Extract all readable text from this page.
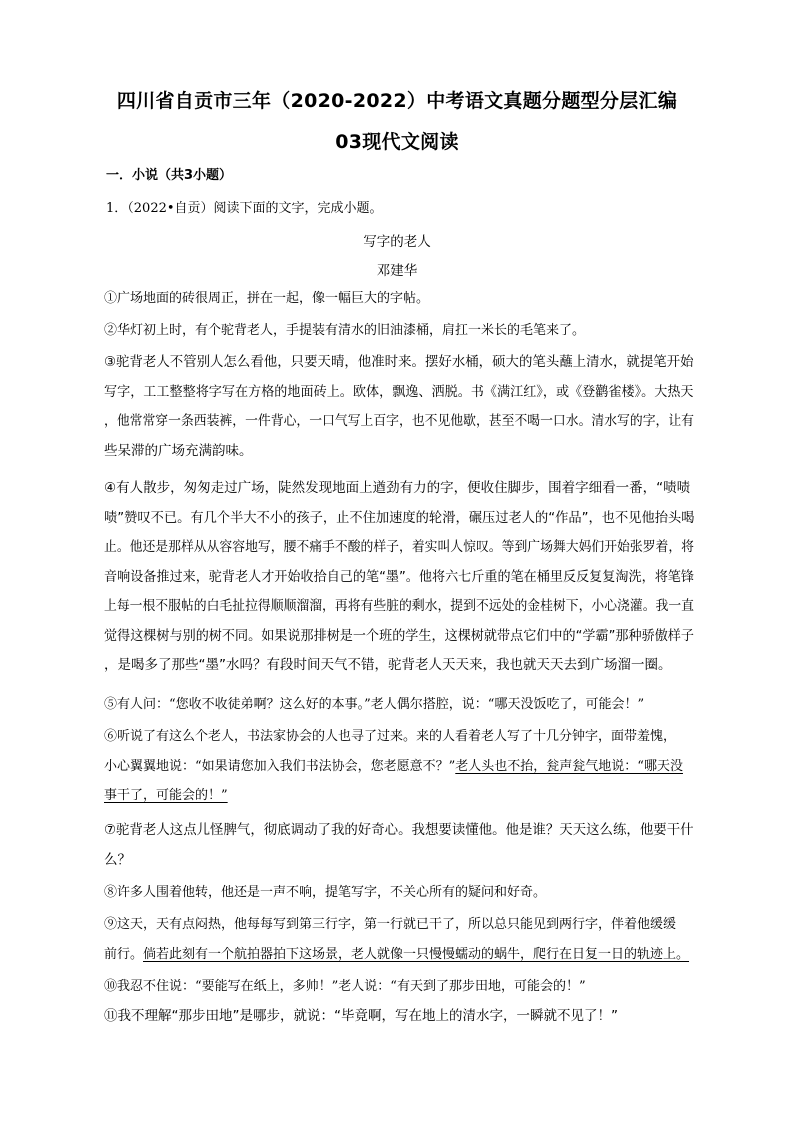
四川省自贡市三年（2020-2022）中考语文真题分题型分层汇编
03现代文阅读
一．小说（共3小题）
1．（2022•自贡）阅读下面的文字，完成小题。
写字的老人
邓建华
①广场地面的砖很周正，拼在一起，像一幅巨大的字帖。
②华灯初上时，有个驼背老人，手提装有清水的旧油漆桶，肩扛一米长的毛笔来了。
③驼背老人不管别人怎么看他，只要天晴，他准时来。摆好水桶，硕大的笔头蘸上清水，就提笔开始
写字，工工整整将字写在方格的地面砖上。欧体，飘逸、洒脱。书《满江红》，或《登鹳雀楼》。大热天
，他常常穿一条西装裤，一件背心，一口气写上百字，也不见他歇，甚至不喝一口水。清水写的字，让有
些呆滞的广场充满韵味。
④有人散步，匆匆走过广场，陡然发现地面上遒劲有力的字，便收住脚步，围着字细看一番，“啧啧
啧”赞叹不已。有几个半大不小的孩子，止不住加速度的轮滑，碾压过老人的“作品”，也不见他抬头喝
止。他还是那样从从容容地写，腰不痛手不酸的样子，着实叫人惊叹。等到广场舞大妈们开始张罗着，将
音响设备推过来，驼背老人才开始收拾自己的笔“墨”。他将六七斤重的笔在桶里反反复复淘洗，将笔锋
上每一根不服帖的白毛扯拉得顺顺溜溜，再将有些脏的剩水，提到不远处的金桂树下，小心浇灌。我一直
觉得这棵树与别的树不同。如果说那排树是一个班的学生，这棵树就带点它们中的“学霸”那种骄傲样子
，是喝多了那些“墨”水吗？有段时间天气不错，驼背老人天天来，我也就天天去到广场溜一圈。
⑤有人问：“您收不收徒弟啊？这么好的本事。”老人偶尔搭腔，说：“哪天没饭吃了，可能会！”
⑥听说了有这么个老人，书法家协会的人也寻了过来。来的人看着老人写了十几分钟字，面带羞愧，
小心翼翼地说：“如果请您加入我们书法协会，您老愿意不？”老人头也不抬，瓮声瓮气地说：“哪天没
事干了，可能会的！”
⑦驼背老人这点儿怪脾气，彻底调动了我的好奇心。我想要读懂他。他是谁？天天这么练，他要干什
么？
⑧许多人围着他转，他还是一声不响，提笔写字，不关心所有的疑问和好奇。
⑨这天，天有点闷热，他每每写到第三行字，第一行就已干了，所以总只能见到两行字，伴着他缓缓
前行。倘若此刻有一个航拍器拍下这场景，老人就像一只慢慢蠕动的蜗牛，爬行在日复一日的轨迹上。
⑩我忍不住说：“要能写在纸上，多帅！”老人说：“有天到了那步田地，可能会的！”
⑪我不理解“那步田地”是哪步，就说：“毕竟啊，写在地上的清水字，一瞬就不见了！”
